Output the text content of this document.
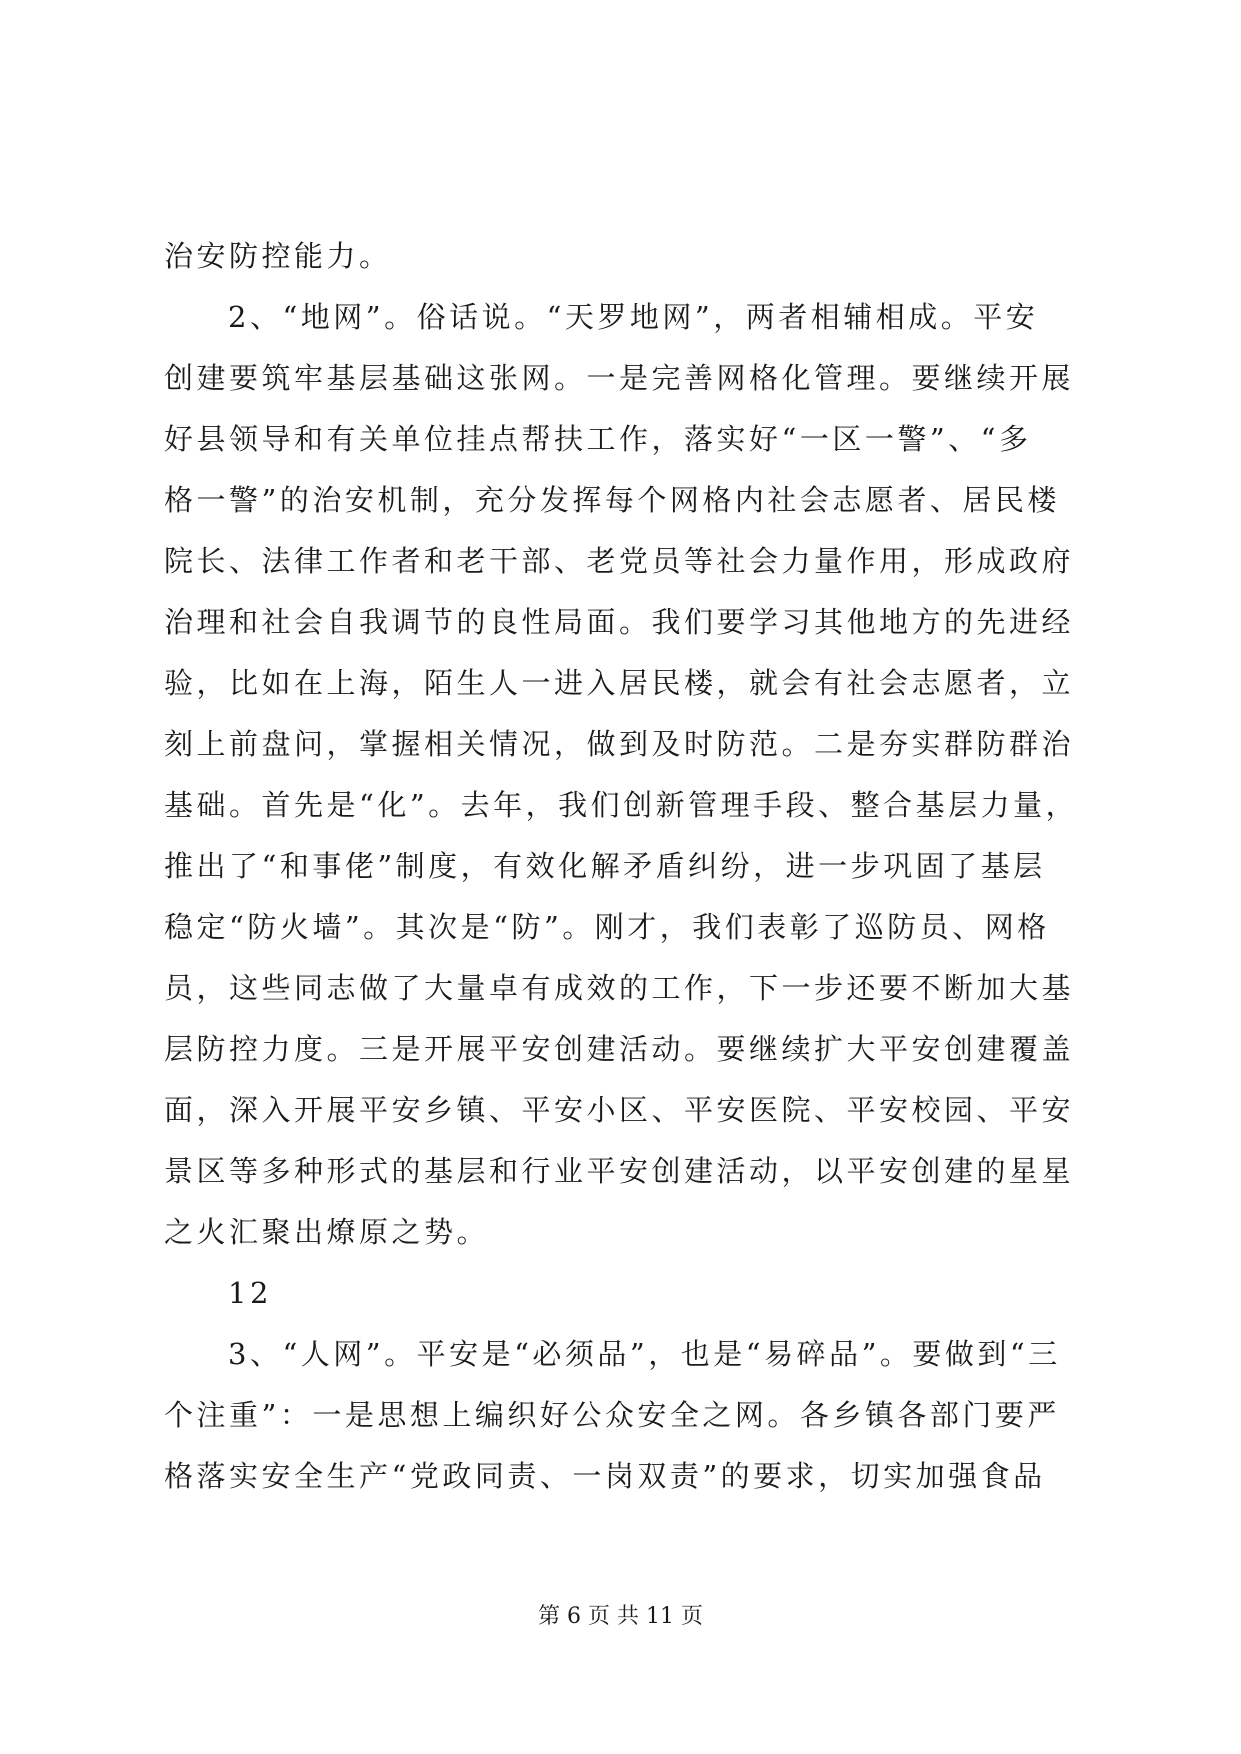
治安防控能力。
2、“地网”。俗话说。“天罗地网”，两者相辅相成。平安
创建要筑牢基层基础这张网。一是完善网格化管理。要继续开展
好县领导和有关单位挂点帮扶工作，落实好“一区一警”、“多
格一警”的治安机制，充分发挥每个网格内社会志愿者、居民楼
院长、法律工作者和老干部、老党员等社会力量作用，形成政府
治理和社会自我调节的良性局面。我们要学习其他地方的先进经
验，比如在上海，陌生人一进入居民楼，就会有社会志愿者，立
刻上前盘问，掌握相关情况，做到及时防范。二是夯实群防群治
基础。首先是“化”。去年，我们创新管理手段、整合基层力量，
推出了“和事佬”制度，有效化解矛盾纠纷，进一步巩固了基层
稳定“防火墙”。其次是“防”。刚才，我们表彰了巡防员、网格
员，这些同志做了大量卓有成效的工作，下一步还要不断加大基
层防控力度。三是开展平安创建活动。要继续扩大平安创建覆盖
面，深入开展平安乡镇、平安小区、平安医院、平安校园、平安
景区等多种形式的基层和行业平安创建活动，以平安创建的星星
之火汇聚出燎原之势。
12
3、“人网”。平安是“必须品”，也是“易碎品”。要做到“三
个注重”：一是思想上编织好公众安全之网。各乡镇各部门要严
格落实安全生产“党政同责、一岗双责”的要求，切实加强食品
第 6 页 共 11 页
